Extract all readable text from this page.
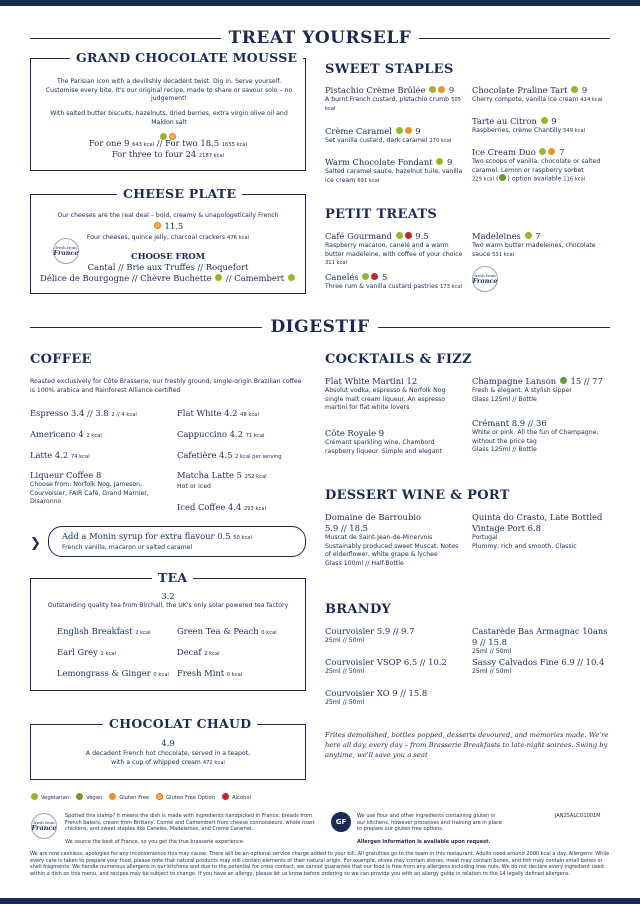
TREAT YOURSELF
GRAND CHOCOLATE MOUSSE
The Parisian icon with a devilishly decadent twist. Dig in. Serve yourself. Customise every bite. It's our original recipe, made to share or savour solo – no judgement!
With salted butter biscuits, hazelnuts, dried berries, extra virgin olive oil and Maldon salt
For one 9 643 kcal // For two 18.5 1655 kcal
For three to four 24 2187 kcal
CHEESE PLATE
Our cheeses are the real deal – bold, creamy & unapologetically French
11.5
Four cheeses, quince jelly, charcoal crackers 476 kcal
fresh from
France	CHOOSE FROM
Cantal // Brie aux Truffes // Roquefort
Délice de Bourgogne // Chèvre Buchette // Camembert
SWEET STAPLES
Pistachio Crème Brûlée	9
A burnt French custard, pistachio crumb 505 kcal
Crème Caramel	9
Set vanilla custard, dark caramel 270 kcal
Warm Chocolate Fondant 9
Salted caramel sauce, hazelnut tuile, vanilla ice cream 691 kcal
Chocolate Praline Tart 9
Cherry compote, vanilla ice cream 414 kcal
Tarte au Citron 9
Raspberries, crème Chantilly 549 kcal
Ice Cream Duo	7
Two scoops of vanilla, chocolate or salted caramel. Lemon or raspberry sorbet
229 kcal ( ) option available 116 kcal
PETIT TREATS
Café Gourmand	9.5
Raspberry macaron, canelé and a warm butter madeleine, with coffee of your choice 311 kcal
Canelés	5
Three rum & vanilla custard pastries 173 kcal
Madeleines 7
Two warm butter madeleines, chocolate sauce 531 kcal
fresh from
France
DIGESTIF
COFFEE
Roasted exclusively for Côte Brasserie, our freshly ground, single-origin Brazilian coffee is 100% arabica and Rainforest Alliance certified
Espresso 3.4 // 3.8 2 // 4 kcal
Americano 4 2 kcal
Latte 4.2 74 kcal
Liqueur Coffee 8
Choose from: Norfolk Nog, Jameson, Courvoisier, FAIR Café, Grand Marnier, Disaronno
Flat White 4.2 48 kcal
Cappuccino 4.2 71 kcal
Cafetière 4.5 2 kcal per serving
Matcha Latte 5 252 kcal
Hot or iced
Iced Coffee 4.4 293 kcal
❯	Add a Monin syrup for extra flavour 0.5 50 kcal
French vanilla, macaron or salted caramel
TEA
3.2
Outstanding quality tea from Birchall, the UK's only solar powered tea factory
English Breakfast 2 kcal
Earl Grey 2 kcal
Lemongrass & Ginger 0 kcal
Green Tea & Peach 0 kcal
Decaf 2 kcal
Fresh Mint 0 kcal
CHOCOLAT CHAUD
4.9
A decadent French hot chocolate, served in a teapot, with a cup of whipped cream 472 kcal
COCKTAILS & FIZZ
Flat White Martini 12
Absolut vodka, espresso & Norfolk Nog single malt cream liqueur. An espresso martini for flat white lovers
Côte Royale 9
Crémant sparkling wine, Chambord raspberry liqueur. Simple and elegant
Champagne Lanson 15 // 77
Fresh & elegant. A stylish sipper
Glass 125ml // Bottle
Crémant 8.9 // 36
White or pink. All the fun of Champagne, without the price tag
Glass 125ml // Bottle
DESSERT WINE & PORT
Domaine de Barroubio
5.9 // 18.5
Muscat de Saint-Jean-de-Minervois
Sustainably produced sweet Muscat. Notes of elderflower, white grape & lychee
Glass 100ml // Half-Bottle
Quinta do Crasto, Late Bottled
Vintage Port 6.8
Portugal
Plummy, rich and smooth. Classic
BRANDY
Courvoisier 5.9 // 9.7
25ml // 50ml
Courvoisier VSOP 6.5 // 10.2
25ml // 50ml
Courvoisier XO 9 // 15.8
25ml // 50ml
Castarède Bas Armagnac 10ans
9 // 15.8
25ml // 50ml
Sassy Calvados Fine 6.9 // 10.4
25ml // 50ml
Frites demolished, bottles popped, desserts devoured, and memories made. We're here all day, every day – from Brasserie Breakfasts to late-night soirées. Swing by anytime, we'll save you a seat
Vegetarian	Vegan	Gluten Free	Gluten Free Option	Alcohol
fresh from
France
Spotted this stamp? It means the dish is made with ingredients handpicked in France: breads from French bakers, cream from Brittany, Comté and Camembert from cheese connoisseurs, whole roast chickens, and sweet staples like Canelés, Madeleines, and Crème Caramel.
We source the best of France, so you get the true brasserie experience.
GF
We use flour and other ingredients containing gluten in our kitchens, however processes and training are in place to prepare our gluten free options.
Allergen information is available upon request.
JAN25ALCD1001M
We are now cashless, apologies for any inconvenience this may cause. There will be an optional service charge added to your bill. All gratuities go to the team in this restaurant. Adults need around 2000 kcal a day. Allergens: While every care is taken to prepare your food, please note that natural products may still contain elements of their natural origin. For example, olives may contain stones, meat may contain bones, and fish may contain small bones or shell fragments. We handle numerous allergens in our kitchens and due to the potential for cross contact, we cannot guarantee that our food is free from any allergens including tree nuts. We do not declare every ingredient used within a dish on this menu, and recipes may be subject to change. If you have an allergy, please let us know before ordering so we can provide you with an allergy guide in relation to the 14 legally defined allergens.
